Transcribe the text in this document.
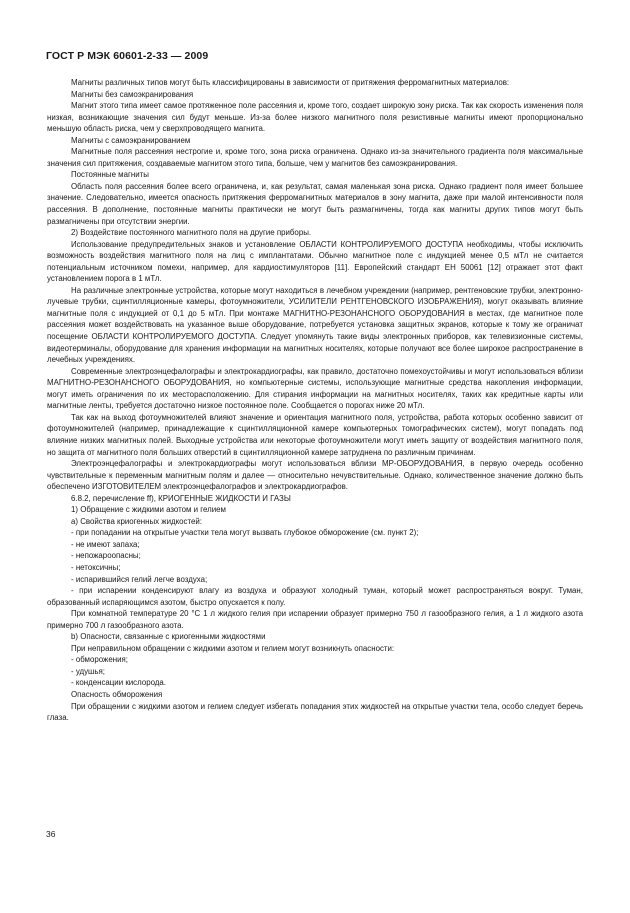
ГОСТ Р МЭК 60601-2-33 — 2009

Магниты различных типов могут быть классифицированы в зависимости от притяжения ферромагнитных материалов:

Магниты без самоэкранирования

Магнит этого типа имеет самое протяженное поле рассеяния и, кроме того, создает широкую зону риска. Так как скорость изменения поля низкая, возникающие значения сил будут меньше. Из-за более низкого магнитного поля резистивные магниты имеют пропорционально меньшую область риска, чем у сверхпроводящего магнита.

Магниты с самоэкранированием

Магнитные поля рассеяния нестрогие и, кроме того, зона риска ограничена. Однако из-за значительного градиента поля максимальные значения сил притяжения, создаваемые магнитом этого типа, больше, чем у магнитов без самоэкранирования.

Постоянные магниты

Область поля рассеяния более всего ограничена, и, как результат, самая маленькая зона риска. Однако градиент поля имеет большее значение. Следовательно, имеется опасность притяжения ферромагнитных материалов в зону магнита, даже при малой интенсивности поля рассеяния. В дополнение, постоянные магниты практически не могут быть размагничены, тогда как магниты других типов могут быть размагничены при отсутствии энергии.

2) Воздействие постоянного магнитного поля на другие приборы.

Использование предупредительных знаков и установление ОБЛАСТИ КОНТРОЛИРУЕМОГО ДОСТУПА необходимы, чтобы исключить возможность воздействия магнитного поля на лиц с имплантатами. Обычно магнитное поле с индукцией менее 0,5 мТл не считается потенциальным источником помехи, например, для кардиостимуляторов [11]. Европейский стандарт ЕН 50061 [12] отражает этот факт установлением порога в 1 мТл.

На различные электронные устройства, которые могут находиться в лечебном учреждении (например, рентгеновские трубки, электронно-лучевые трубки, сцинтилляционные камеры, фотоумножители, УСИЛИТЕЛИ РЕНТГЕНОВСКОГО ИЗОБРАЖЕНИЯ), могут оказывать влияние магнитные поля с индукцией от 0,1 до 5 мТл. При монтаже МАГНИТНО-РЕЗОНАНСНОГО ОБОРУДОВАНИЯ в местах, где магнитное поле рассеяния может воздействовать на указанное выше оборудование, потребуется установка защитных экранов, которые к тому же ограничат посещение ОБЛАСТИ КОНТРОЛИРУЕМОГО ДОСТУПА. Следует упомянуть такие виды электронных приборов, как телевизионные системы, видеотерминалы, оборудование для хранения информации на магнитных носителях, которые получают все более широкое распространение в лечебных учреждениях.

Современные электроэнцефалографы и электрокардиографы, как правило, достаточно помехоустойчивы и могут использоваться вблизи МАГНИТНО-РЕЗОНАНСНОГО ОБОРУДОВАНИЯ, но компьютерные системы, использующие магнитные средства накопления информации, могут иметь ограничения по их месторасположению. Для стирания информации на магнитных носителях, таких как кредитные карты или магнитные ленты, требуется достаточно низкое постоянное поле. Сообщается о порогах ниже 20 мТл.

Так как на выход фотоумножителей влияют значение и ориентация магнитного поля, устройства, работа которых особенно зависит от фотоумножителей (например, принадлежащие к сцинтилляционной камере компьютерных томографических систем), могут попадать под влияние низких магнитных полей. Выходные устройства или некоторые фотоумножители могут иметь защиту от воздействия магнитного поля, но защита от магнитного поля больших отверстий в сцинтилляционной камере затруднена по различным причинам.

Электроэнцефалографы и электрокардиографы могут использоваться вблизи МР-ОБОРУДОВАНИЯ, в первую очередь особенно чувствительные к переменным магнитным полям и далее — относительно нечувствительные. Однако, количественное значение должно быть обеспечено ИЗГОТОВИТЕЛЕМ электроэнцефалографов и электрокардиографов.

6.8.2, перечисление ff), КРИОГЕННЫЕ ЖИДКОСТИ И ГАЗЫ

1) Обращение с жидкими азотом и гелием

а) Свойства криогенных жидкостей:

- при попадании на открытые участки тела могут вызвать глубокое обморожение (см. пункт 2);

- не имеют запаха;

- непожароопасны;

- нетоксичны;

- испарившийся гелий легче воздуха;

- при испарении конденсируют влагу из воздуха и образуют холодный туман, который может распространяться вокруг. Туман, образованный испаряющимся азотом, быстро опускается к полу.

При комнатной температуре 20 °С 1 л жидкого гелия при испарении образует примерно 750 л газообразного гелия, а 1 л жидкого азота примерно 700 л газообразного азота.

b) Опасности, связанные с криогенными жидкостями

При неправильном обращении с жидкими азотом и гелием могут возникнуть опасности:

- обморожения;

- удушья;

- конденсации кислорода.

Опасность обморожения

При обращении с жидкими азотом и гелием следует избегать попадания этих жидкостей на открытые участки тела, особо следует беречь глаза.

36
